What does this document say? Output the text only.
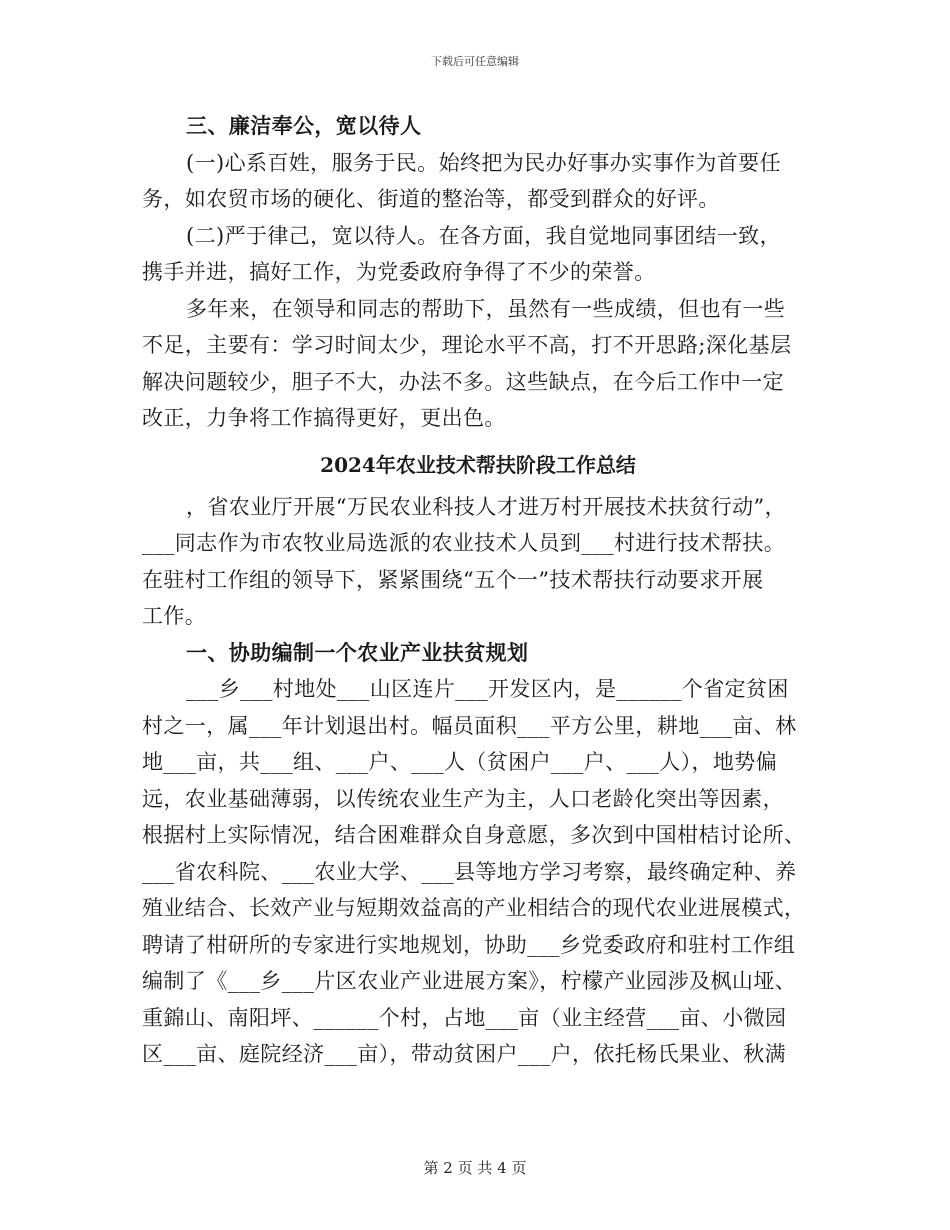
下载后可任意编辑
三、廉洁奉公，宽以待人
(一)心系百姓，服务于民。始终把为民办好事办实事作为首要任
务，如农贸市场的硬化、街道的整治等，都受到群众的好评。
(二)严于律己，宽以待人。在各方面，我自觉地同事团结一致，
携手并进，搞好工作，为党委政府争得了不少的荣誉。
多年来，在领导和同志的帮助下，虽然有一些成绩，但也有一些
不足，主要有：学习时间太少，理论水平不高，打不开思路;深化基层
解决问题较少，胆子不大，办法不多。这些缺点，在今后工作中一定
改正，力争将工作搞得更好，更出色。
2024年农业技术帮扶阶段工作总结
，省农业厅开展“万民农业科技人才进万村开展技术扶贫行动”，
___同志作为市农牧业局选派的农业技术人员到___村进行技术帮扶。
在驻村工作组的领导下，紧紧围绕“五个一”技术帮扶行动要求开展
工作。
一、协助编制一个农业产业扶贫规划
___乡___村地处___山区连片___开发区内，是______个省定贫困
村之一，属___年计划退出村。幅员面积___平方公里，耕地___亩、林
地___亩，共___组、___户、___人（贫困户___户、___人），地势偏
远，农业基础薄弱，以传统农业生产为主，人口老龄化突出等因素，
根据村上实际情况，结合困难群众自身意愿，多次到中国柑桔讨论所、
___省农科院、___农业大学、___县等地方学习考察，最终确定种、养
殖业结合、长效产业与短期效益高的产业相结合的现代农业进展模式，
聘请了柑研所的专家进行实地规划，协助___乡党委政府和驻村工作组
编制了《___乡___片区农业产业进展方案》，柠檬产业园涉及枫山垭、
重錦山、南阳坪、______个村，占地___亩（业主经营___亩、小微园
区___亩、庭院经济___亩），带动贫困户___户，依托杨氏果业、秋满
第 2 页 共 4 页
